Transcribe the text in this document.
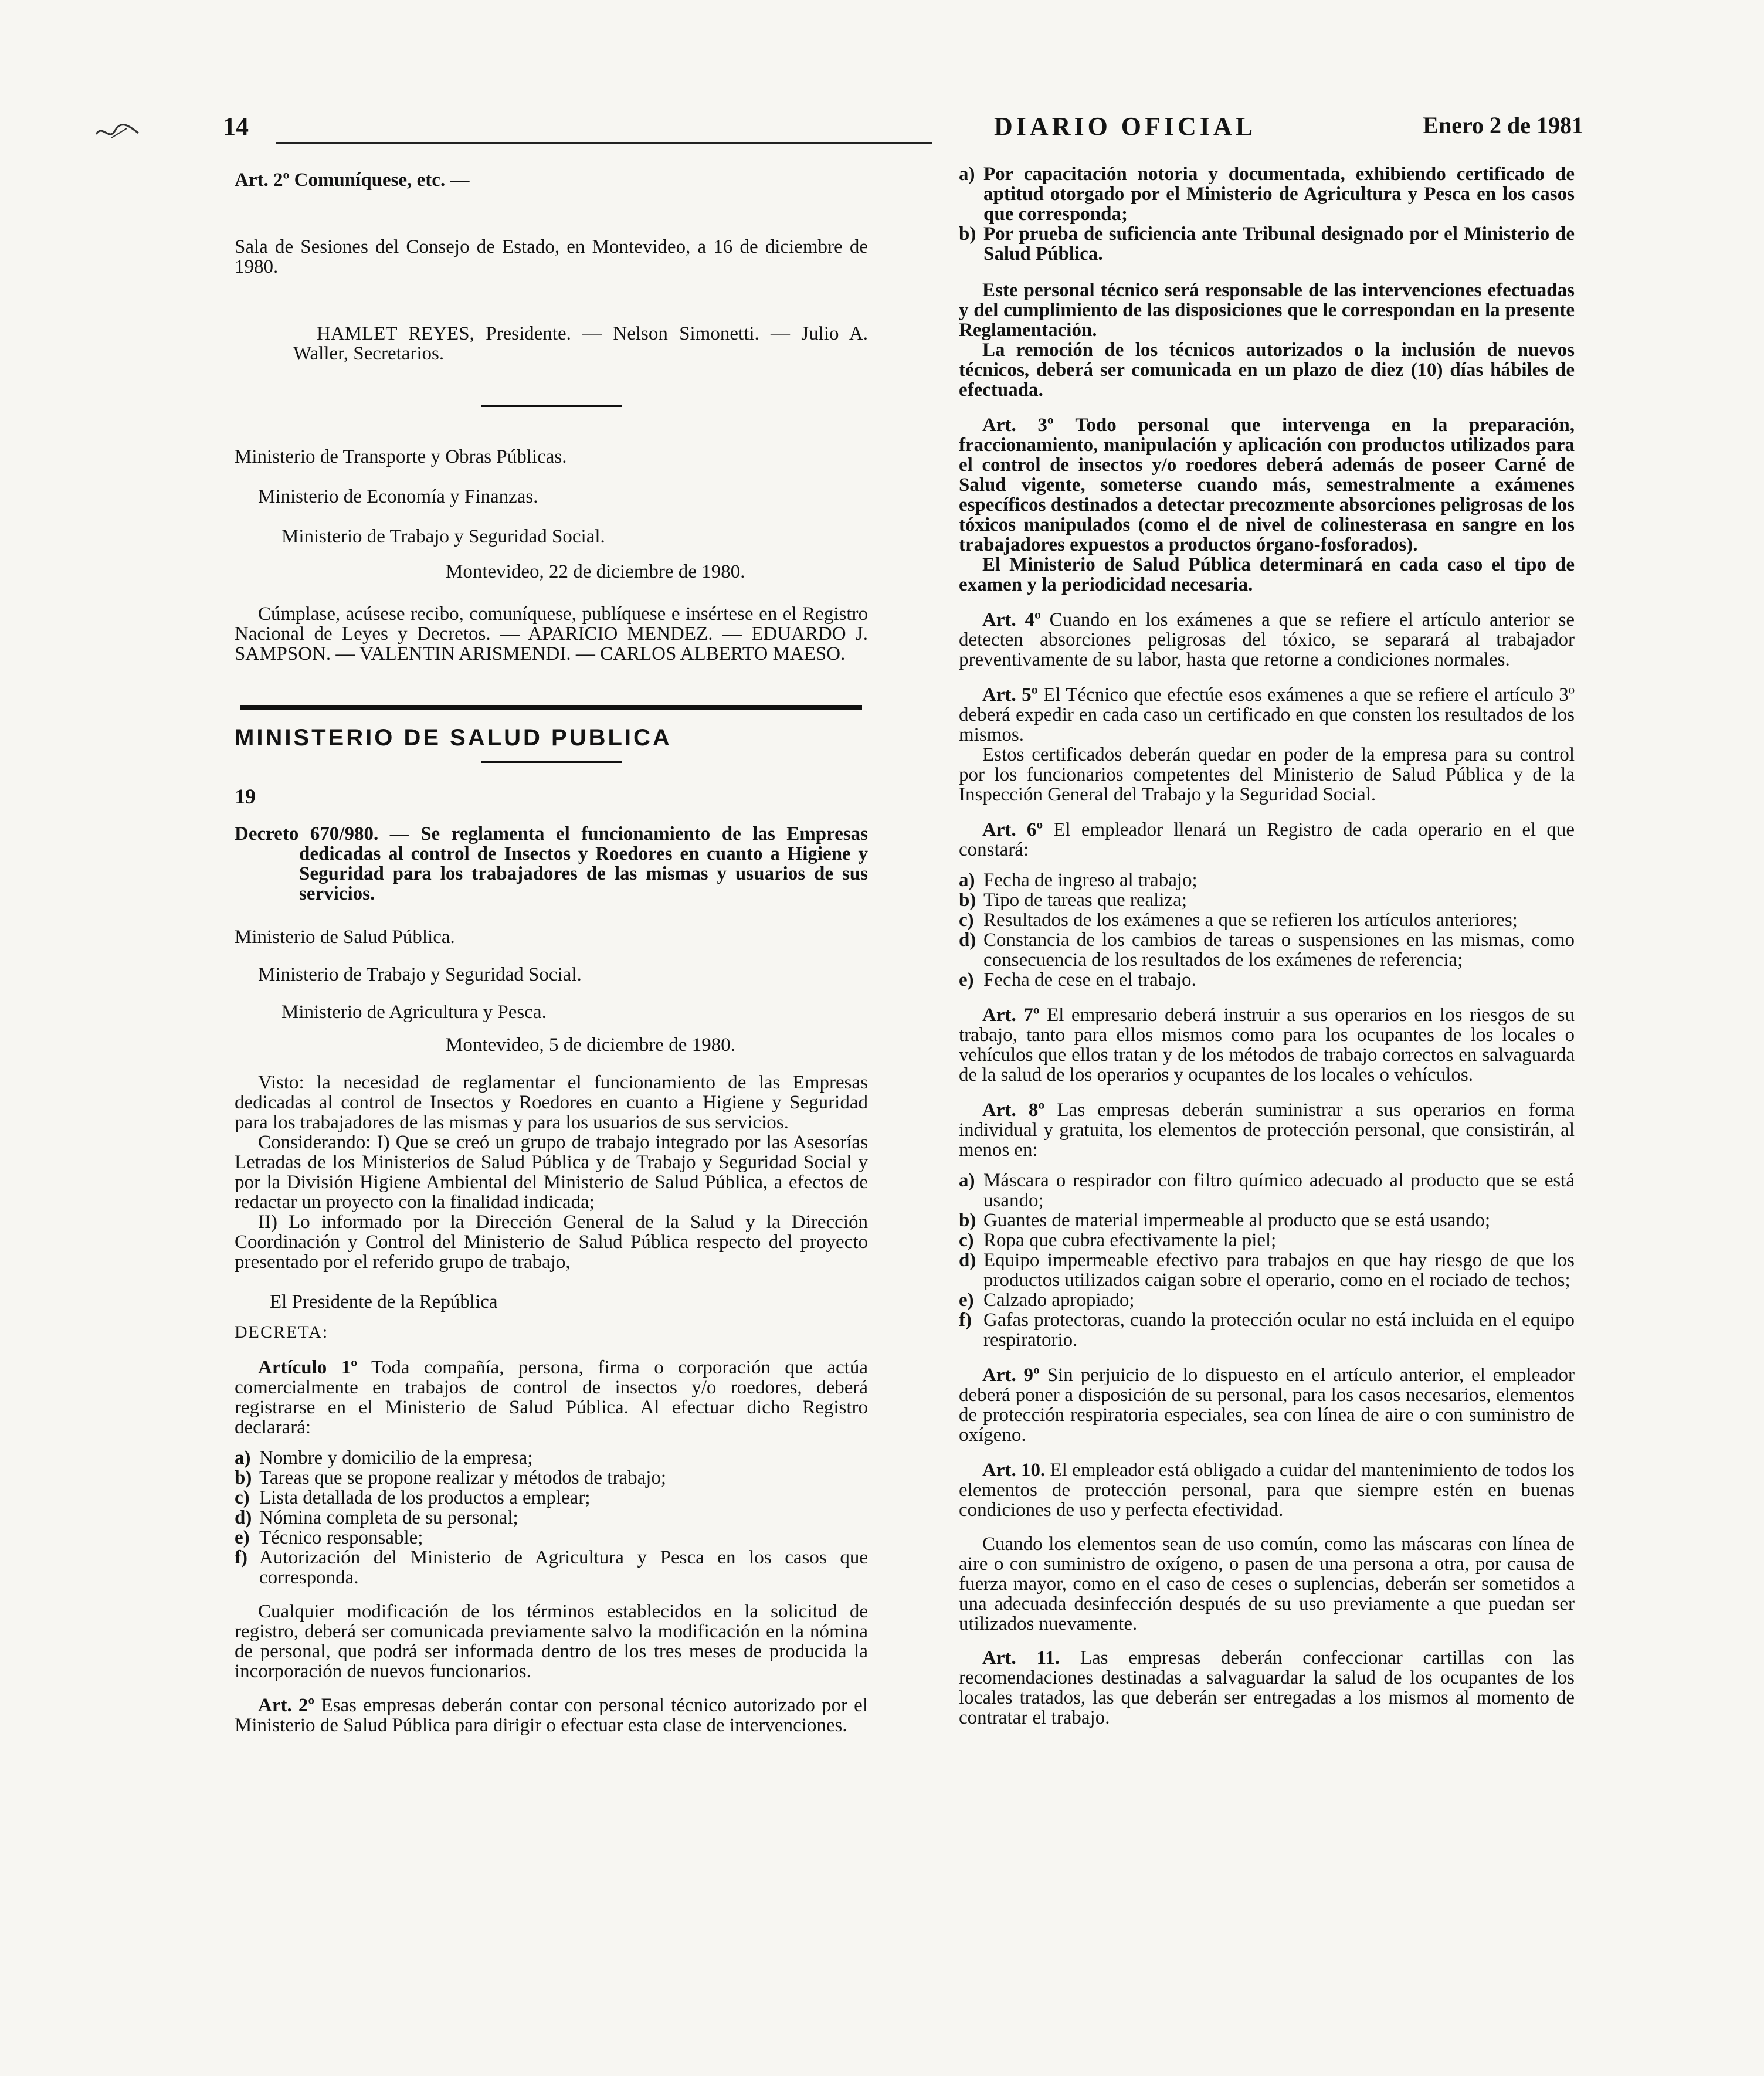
14	DIARIO OFICIAL	Enero 2 de 1981

Art. 2º Comuníquese, etc. —

Sala de Sesiones del Consejo de Estado, en Montevideo, a 16 de diciembre de 1980.

HAMLET REYES, Presidente. — Nelson Simonetti. — Julio A. Waller, Secretarios.

Ministerio de Transporte y Obras Públicas.

Ministerio de Economía y Finanzas.

Ministerio de Trabajo y Seguridad Social.

Montevideo, 22 de diciembre de 1980.

Cúmplase, acúsese recibo, comuníquese, publíquese e insértese en el Registro Nacional de Leyes y Decretos. — APARICIO MENDEZ. — EDUARDO J. SAMPSON. — VALENTIN ARISMENDI. — CARLOS ALBERTO MAESO.

MINISTERIO DE SALUD PUBLICA

19

Decreto 670/980. — Se reglamenta el funcionamiento de las Empresas dedicadas al control de Insectos y Roedores en cuanto a Higiene y Seguridad para los trabajadores de las mismas y usuarios de sus servicios.

Ministerio de Salud Pública.

Ministerio de Trabajo y Seguridad Social.

Ministerio de Agricultura y Pesca.

Montevideo, 5 de diciembre de 1980.

Visto: la necesidad de reglamentar el funcionamiento de las Empresas dedicadas al control de Insectos y Roedores en cuanto a Higiene y Seguridad para los trabajadores de las mismas y para los usuarios de sus servicios.

Considerando: I) Que se creó un grupo de trabajo integrado por las Asesorías Letradas de los Ministerios de Salud Pública y de Trabajo y Seguridad Social y por la División Higiene Ambiental del Ministerio de Salud Pública, a efectos de redactar un proyecto con la finalidad indicada;

II) Lo informado por la Dirección General de la Salud y la Dirección Coordinación y Control del Ministerio de Salud Pública respecto del proyecto presentado por el referido grupo de trabajo,

El Presidente de la República

DECRETA:

Artículo 1º Toda compañía, persona, firma o corporación que actúa comercialmente en trabajos de control de insectos y/o roedores, deberá registrarse en el Ministerio de Salud Pública. Al efectuar dicho Registro declarará:

a) Nombre y domicilio de la empresa;
b) Tareas que se propone realizar y métodos de trabajo;
c) Lista detallada de los productos a emplear;
d) Nómina completa de su personal;
e) Técnico responsable;
f) Autorización del Ministerio de Agricultura y Pesca en los casos que corresponda.

Cualquier modificación de los términos establecidos en la solicitud de registro, deberá ser comunicada previamente salvo la modificación en la nómina de personal, que podrá ser informada dentro de los tres meses de producida la incorporación de nuevos funcionarios.

Art. 2º Esas empresas deberán contar con personal técnico autorizado por el Ministerio de Salud Pública para dirigir o efectuar esta clase de intervenciones.

a) Por capacitación notoria y documentada, exhibiendo certificado de aptitud otorgado por el Ministerio de Agricultura y Pesca en los casos que corresponda;
b) Por prueba de suficiencia ante Tribunal designado por el Ministerio de Salud Pública.

Este personal técnico será responsable de las intervenciones efectuadas y del cumplimiento de las disposiciones que le correspondan en la presente Reglamentación.

La remoción de los técnicos autorizados o la inclusión de nuevos técnicos, deberá ser comunicada en un plazo de diez (10) días hábiles de efectuada.

Art. 3º Todo personal que intervenga en la preparación, fraccionamiento, manipulación y aplicación con productos utilizados para el control de insectos y/o roedores deberá además de poseer Carné de Salud vigente, someterse cuando más, semestralmente a exámenes específicos destinados a detectar precozmente absorciones peligrosas de los tóxicos manipulados (como el de nivel de colinesterasa en sangre en los trabajadores expuestos a productos órgano-fosforados).

El Ministerio de Salud Pública determinará en cada caso el tipo de examen y la periodicidad necesaria.

Art. 4º Cuando en los exámenes a que se refiere el artículo anterior se detecten absorciones peligrosas del tóxico, se separará al trabajador preventivamente de su labor, hasta que retorne a condiciones normales.

Art. 5º El Técnico que efectúe esos exámenes a que se refiere el artículo 3º deberá expedir en cada caso un certificado en que consten los resultados de los mismos.

Estos certificados deberán quedar en poder de la empresa para su control por los funcionarios competentes del Ministerio de Salud Pública y de la Inspección General del Trabajo y la Seguridad Social.

Art. 6º El empleador llenará un Registro de cada operario en el que constará:

a) Fecha de ingreso al trabajo;
b) Tipo de tareas que realiza;
c) Resultados de los exámenes a que se refieren los artículos anteriores;
d) Constancia de los cambios de tareas o suspensiones en las mismas, como consecuencia de los resultados de los exámenes de referencia;
e) Fecha de cese en el trabajo.

Art. 7º El empresario deberá instruir a sus operarios en los riesgos de su trabajo, tanto para ellos mismos como para los ocupantes de los locales o vehículos que ellos tratan y de los métodos de trabajo correctos en salvaguarda de la salud de los operarios y ocupantes de los locales o vehículos.

Art. 8º Las empresas deberán suministrar a sus operarios en forma individual y gratuita, los elementos de protección personal, que consistirán, al menos en:

a) Máscara o respirador con filtro químico adecuado al producto que se está usando;
b) Guantes de material impermeable al producto que se está usando;
c) Ropa que cubra efectivamente la piel;
d) Equipo impermeable efectivo para trabajos en que hay riesgo de que los productos utilizados caigan sobre el operario, como en el rociado de techos;
e) Calzado apropiado;
f) Gafas protectoras, cuando la protección ocular no está incluida en el equipo respiratorio.

Art. 9º Sin perjuicio de lo dispuesto en el artículo anterior, el empleador deberá poner a disposición de su personal, para los casos necesarios, elementos de protección respiratoria especiales, sea con línea de aire o con suministro de oxígeno.

Art. 10. El empleador está obligado a cuidar del mantenimiento de todos los elementos de protección personal, para que siempre estén en buenas condiciones de uso y perfecta efectividad.

Cuando los elementos sean de uso común, como las máscaras con línea de aire o con suministro de oxígeno, o pasen de una persona a otra, por causa de fuerza mayor, como en el caso de ceses o suplencias, deberán ser sometidos a una adecuada desinfección después de su uso previamente a que puedan ser utilizados nuevamente.

Art. 11. Las empresas deberán confeccionar cartillas con las recomendaciones destinadas a salvaguardar la salud de los ocupantes de los locales tratados, las que deberán ser entregadas a los mismos al momento de contratar el trabajo.
